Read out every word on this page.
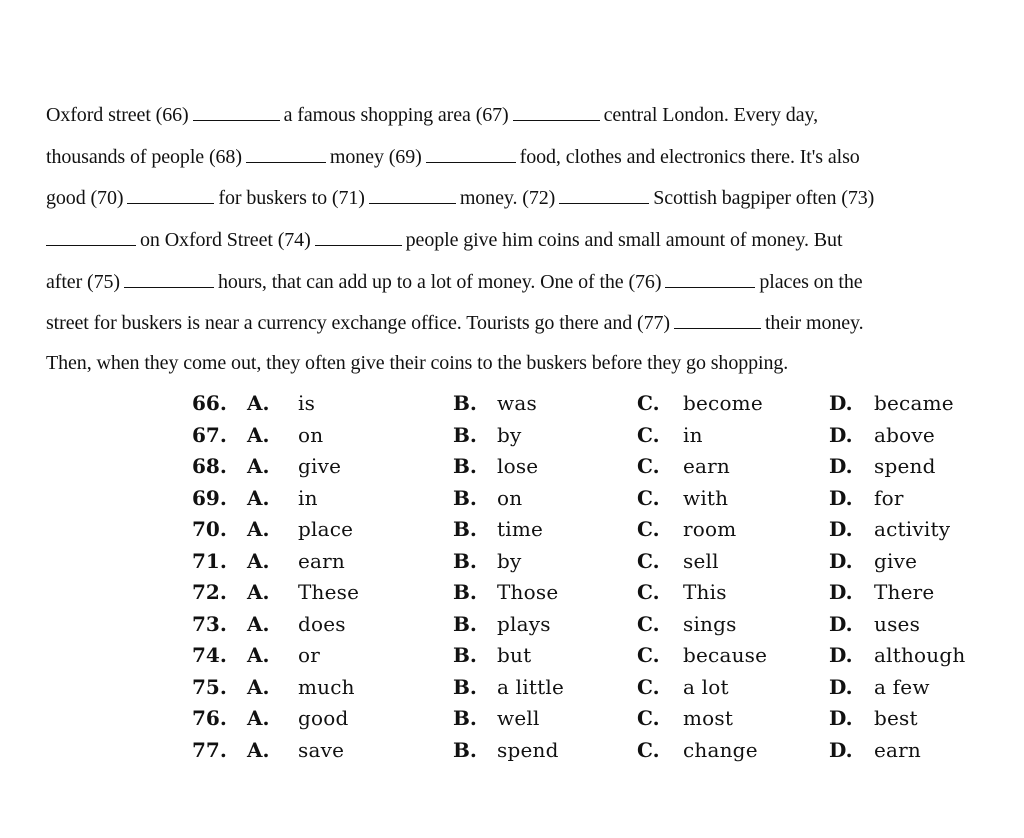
Oxford street (66)	a famous shopping area (67)	central London. Every day,
thousands of people (68)	money (69)	food, clothes and electronics there. It's also
good (70)	for buskers to (71)	money. (72)	Scottish bagpiper often (73)
on Oxford Street (74)	people give him coins and small amount of money. But
after (75)	hours, that can add up to a lot of money. One of the (76)	places on the
street for buskers is near a currency exchange office. Tourists go there and (77)	their money.
Then, when they come out, they often give their coins to the buskers before they go shopping.
66. A. is	B. was	C. become	D. became
67. A. on	B. by	C. in	D. above
68. A. give	B. lose	C. earn	D. spend
69. A. in	B. on	C. with	D. for
70. A. place	B. time	C. room	D. activity
71. A. earn	B. by	C. sell	D. give
72. A. These	B. Those	C. This	D. There
73. A. does	B. plays	C. sings	D. uses
74. A. or	B. but	C. because	D. although
75. A. much	B. a little	C. a lot	D. a few
76. A. good	B. well	C. most	D. best
77. A. save	B. spend	C. change	D. earn
